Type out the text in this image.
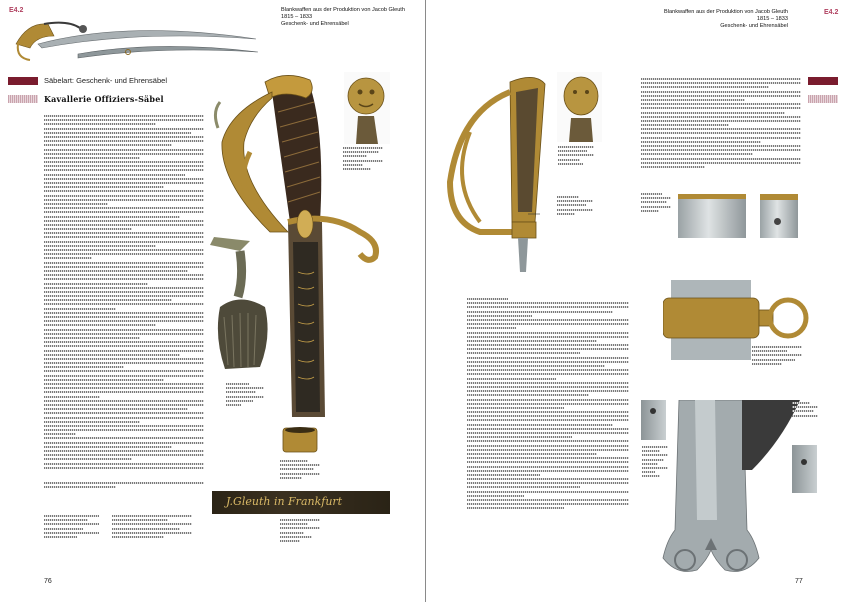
E4.2	Blankwaffen aus der Produktion von Jacob Gleuth
1815 – 1833
Geschenk- und Ehrensäbel
Säbelart: Geschenk- und Ehrensäbel
Kavallerie Offiziers-Säbel
J.Gleuth in Frankfurt
76
Blankwaffen aus der Produktion von Jacob Gleuth
1815 – 1833
Geschenk- und Ehrensäbel
E4.2
77
